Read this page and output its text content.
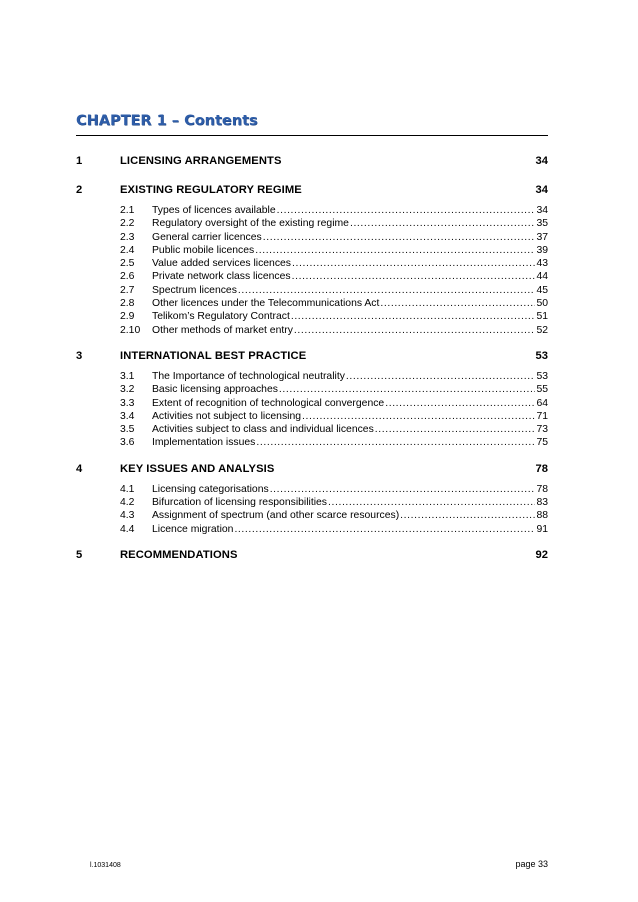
CHAPTER 1 – Contents
1	LICENSING ARRANGEMENTS	34
2	EXISTING REGULATORY REGIME	34
2.1	Types of licences available .....	34
2.2	Regulatory oversight of the existing regime .....	35
2.3	General carrier licences .....	37
2.4	Public mobile licences .....	39
2.5	Value added services licences .....	43
2.6	Private network class licences .....	44
2.7	Spectrum licences .....	45
2.8	Other licences under the Telecommunications Act .....	50
2.9	Telikom’s Regulatory Contract .....	51
2.10	Other methods of market entry .....	52
3	INTERNATIONAL BEST PRACTICE	53
3.1	The Importance of technological neutrality .....	53
3.2	Basic licensing approaches .....	55
3.3	Extent of recognition of technological convergence .....	64
3.4	Activities not subject to licensing .....	71
3.5	Activities subject to class and individual licences .....	73
3.6	Implementation issues .....	75
4	KEY ISSUES AND ANALYSIS	78
4.1	Licensing categorisations .....	78
4.2	Bifurcation of licensing responsibilities .....	83
4.3	Assignment of spectrum (and other scarce resources) .....	88
4.4	Licence migration .....	91
5	RECOMMENDATIONS	92
l.1031408	page 33
